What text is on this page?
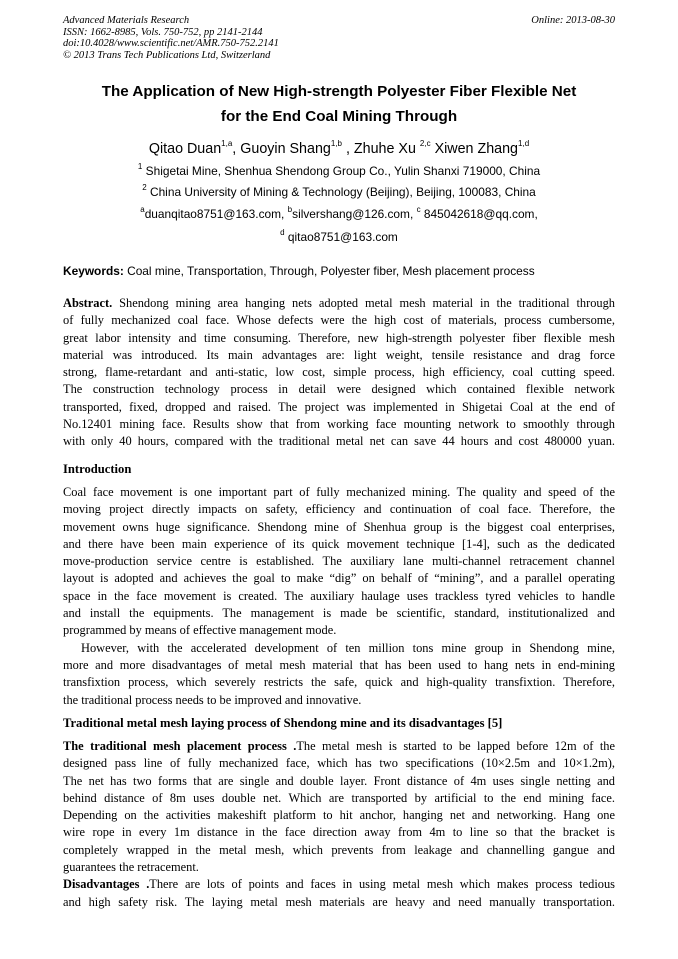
Advanced Materials Research
ISSN: 1662-8985, Vols. 750-752, pp 2141-2144
doi:10.4028/www.scientific.net/AMR.750-752.2141
© 2013 Trans Tech Publications Ltd, Switzerland
Online: 2013-08-30
The Application of New High-strength Polyester Fiber Flexible Net
for the End Coal Mining Through
Qitao Duan$^{1,a}$, Guoyin Shang$^{1,b}$ , Zhuhe Xu $^{2,c}$ Xiwen Zhang$^{1,d}$
$^1$ Shigetai Mine, Shenhua Shendong Group Co., Yulin Shanxi 719000, China
$^2$ China University of Mining & Technology (Beijing), Beijing, 100083, China
$^a$duanqitao8751@163.com, $^b$silvershang@126.com, $^c$ 845042618@qq.com,
$^d$ qitao8751@163.com
Keywords: Coal mine, Transportation, Through, Polyester fiber, Mesh placement process
Abstract. Shendong mining area hanging nets adopted metal mesh material in the traditional through
of fully mechanized coal face. Whose defects were the high cost of materials, process cumbersome,
great labor intensity and time consuming. Therefore, new high-strength polyester fiber flexible mesh
material was introduced. Its main advantages are: light weight, tensile resistance and drag force
strong, flame-retardant and anti-static, low cost, simple process, high efficiency, coal cutting speed.
The construction technology process in detail were designed which contained flexible network
transported, fixed, dropped and raised. The project was implemented in Shigetai Coal at the end of
No.12401 mining face. Results show that from working face mounting network to smoothly through
with only 40 hours, compared with the traditional metal net can save 44 hours and cost 480000 yuan.
Introduction
Coal face movement is one important part of fully mechanized mining. The quality and speed of the
moving project directly impacts on safety, efficiency and continuation of coal face. Therefore, the
movement owns huge significance. Shendong mine of Shenhua group is the biggest coal enterprises,
and there have been main experience of its quick movement technique [1-4], such as the dedicated
move-production service centre is established. The auxiliary lane multi-channel retracement channel
layout is adopted and achieves the goal to make “dig” on behalf of “mining”, and a parallel operating
space in the face movement is created. The auxiliary haulage uses trackless tyred vehicles to handle
and install the equipments. The management is made be scientific, standard, institutionalized and
programmed by means of effective management mode.
However, with the accelerated development of ten million tons mine group in Shendong mine,
more and more disadvantages of metal mesh material that has been used to hang nets in end-mining
transfixtion process, which severely restricts the safe, quick and high-quality transfixtion. Therefore,
the traditional process needs to be improved and innovative.
Traditional metal mesh laying process of Shendong mine and its disadvantages [5]
The traditional mesh placement process .The metal mesh is started to be lapped before 12m of the
designed pass line of fully mechanized face, which has two specifications (10×2.5m and 10×1.2m),
The net has two forms that are single and double layer. Front distance of 4m uses single netting and
behind distance of 8m uses double net. Which are transported by artificial to the end mining face.
Depending on the activities makeshift platform to hit anchor, hanging net and networking. Hang one
wire rope in every 1m distance in the face direction away from 4m to line so that the bracket is
completely wrapped in the metal mesh, which prevents from leakage and channelling gangue and
guarantees the retracement.
Disadvantages .There are lots of points and faces in using metal mesh which makes process tedious
and high safety risk. The laying metal mesh materials are heavy and need manually transportation.
